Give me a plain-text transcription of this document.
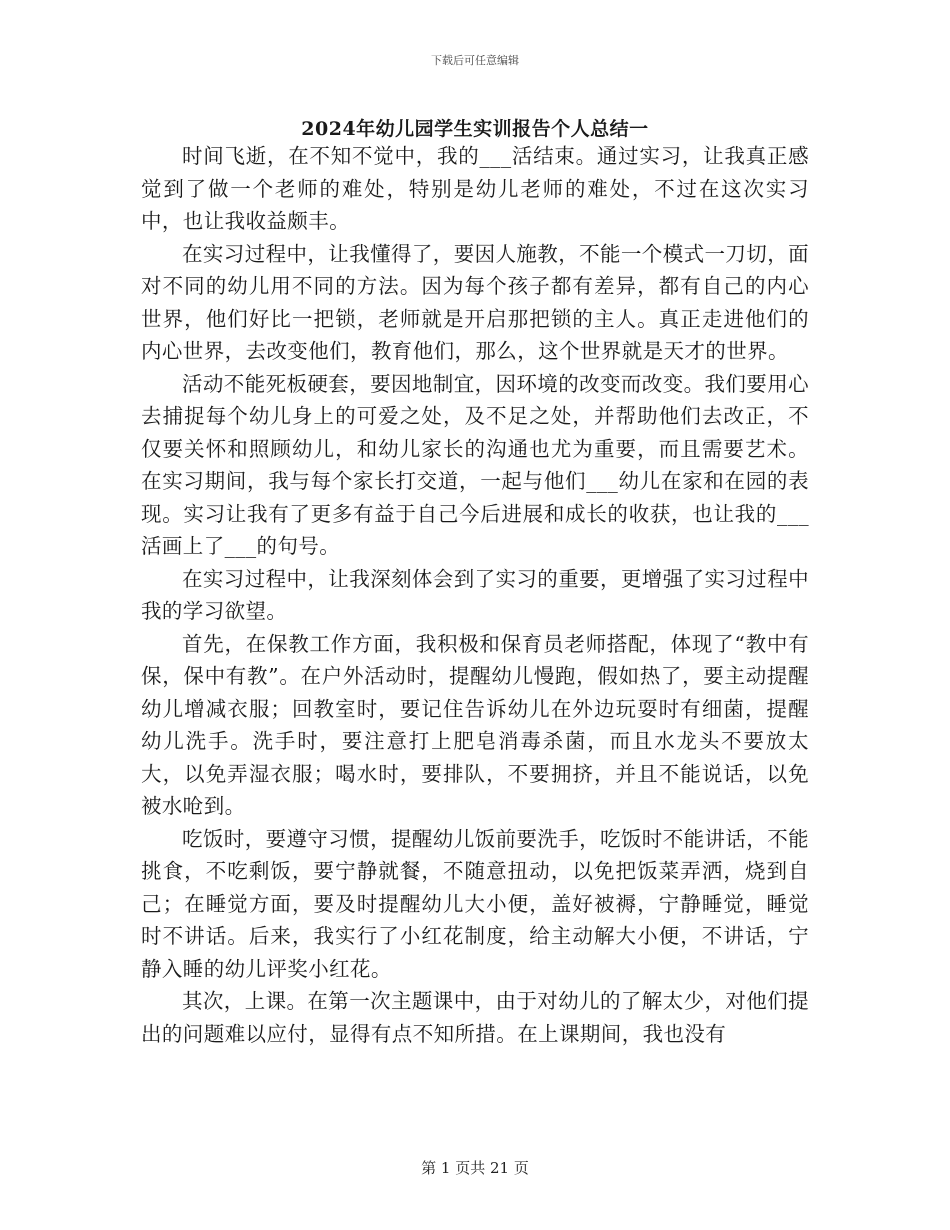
下载后可任意编辑
2024年幼儿园学生实训报告个人总结一

时间飞逝，在不知不觉中，我的___活结束。通过实习，让我真正感觉到了做一个老师的难处，特别是幼儿老师的难处，不过在这次实习中，也让我收益颇丰。

在实习过程中，让我懂得了，要因人施教，不能一个模式一刀切，面对不同的幼儿用不同的方法。因为每个孩子都有差异，都有自己的内心世界，他们好比一把锁，老师就是开启那把锁的主人。真正走进他们的内心世界，去改变他们，教育他们，那么，这个世界就是天才的世界。

活动不能死板硬套，要因地制宜，因环境的改变而改变。我们要用心去捕捉每个幼儿身上的可爱之处，及不足之处，并帮助他们去改正，不仅要关怀和照顾幼儿，和幼儿家长的沟通也尤为重要，而且需要艺术。在实习期间，我与每个家长打交道，一起与他们___幼儿在家和在园的表现。实习让我有了更多有益于自己今后进展和成长的收获，也让我的___活画上了___的句号。

在实习过程中，让我深刻体会到了实习的重要，更增强了实习过程中我的学习欲望。

首先，在保教工作方面，我积极和保育员老师搭配，体现了“教中有保，保中有教”。在户外活动时，提醒幼儿慢跑，假如热了，要主动提醒幼儿增减衣服；回教室时，要记住告诉幼儿在外边玩耍时有细菌，提醒幼儿洗手。洗手时，要注意打上肥皂消毒杀菌，而且水龙头不要放太大，以免弄湿衣服；喝水时，要排队，不要拥挤，并且不能说话，以免被水呛到。

吃饭时，要遵守习惯，提醒幼儿饭前要洗手，吃饭时不能讲话，不能挑食，不吃剩饭，要宁静就餐，不随意扭动，以免把饭菜弄洒，烧到自己；在睡觉方面，要及时提醒幼儿大小便，盖好被褥，宁静睡觉，睡觉时不讲话。后来，我实行了小红花制度，给主动解大小便，不讲话，宁静入睡的幼儿评奖小红花。

其次，上课。在第一次主题课中，由于对幼儿的了解太少，对他们提出的问题难以应付，显得有点不知所措。在上课期间，我也没有

第 1 页共 21 页
